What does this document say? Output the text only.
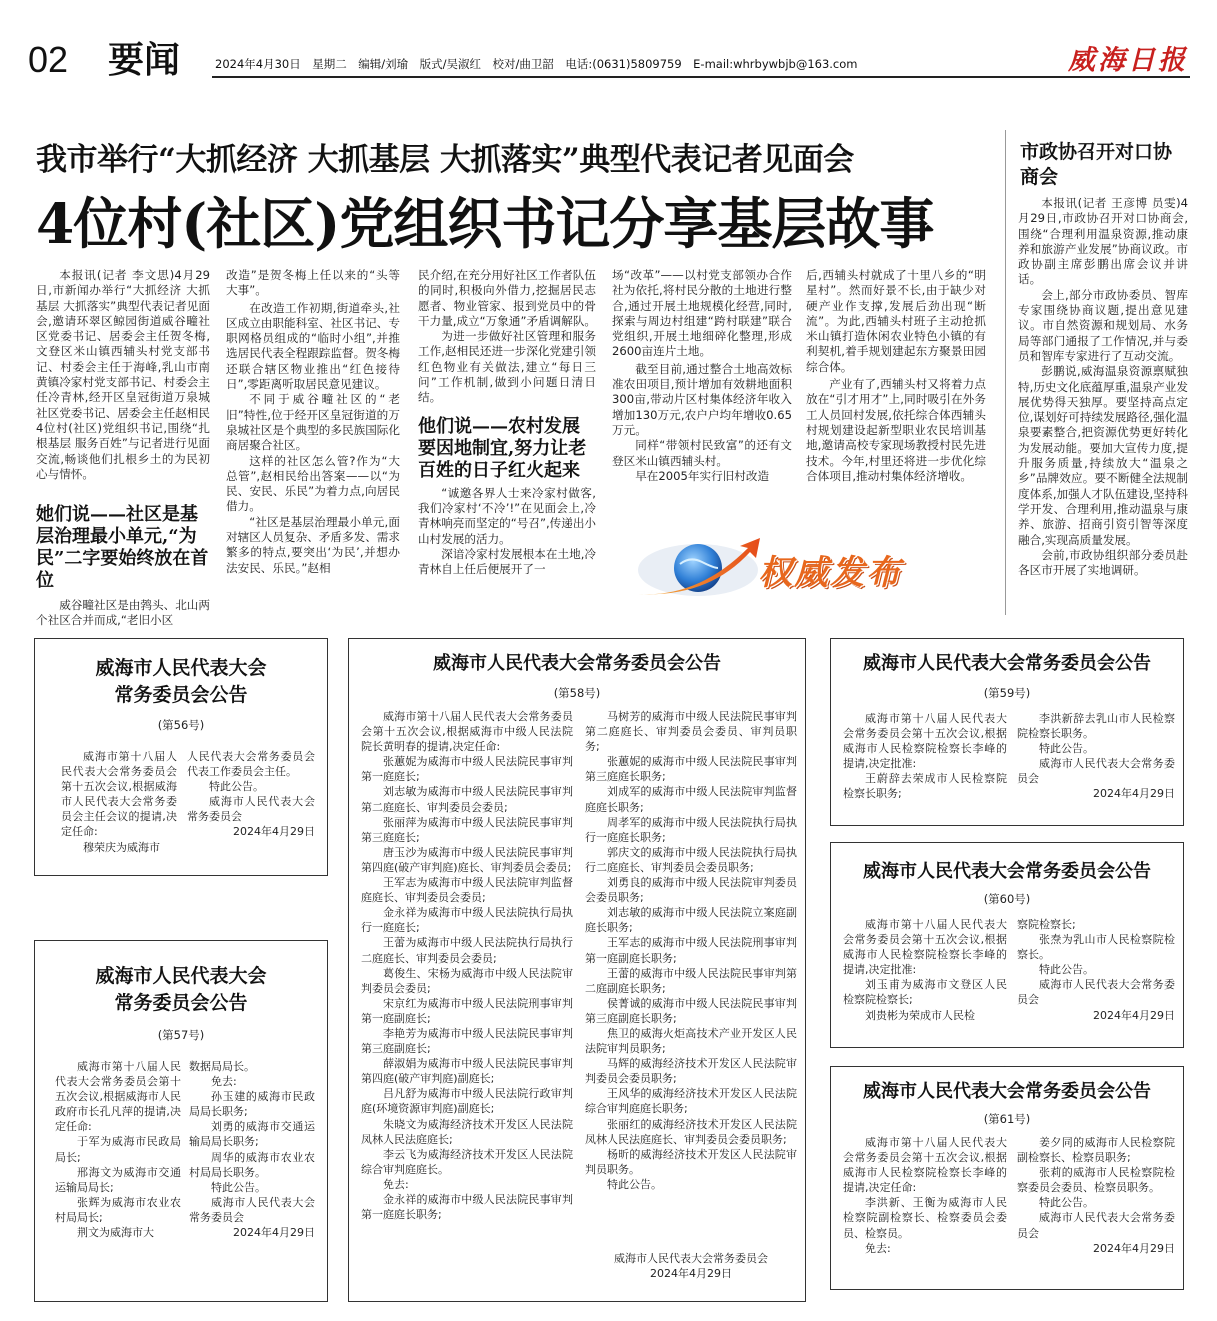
02 要闻	2024年4月30日　星期二　编辑/刘瑜　版式/吴淑红　校对/曲卫韶　电话:(0631)5809759　E-mail:whrbywbjb@163.com	威海日报
我市举行“大抓经济 大抓基层 大抓落实”典型代表记者见面会
4位村(社区)党组织书记分享基层故事

本报讯(记者 李文思)4月29日,市新闻办举行“大抓经济 大抓基层 大抓落实”典型代表记者见面会,邀请环翠区鲸园街道威谷疃社区党委书记、居委会主任贺冬梅,文登区米山镇西辅头村党支部书记、村委会主任于海峰,乳山市南黄镇冷家村党支部书记、村委会主任冷青林,经开区皇冠街道万泉城社区党委书记、居委会主任赵相民4位村(社区)党组织书记,围绕“扎根基层 服务百姓”与记者进行见面交流,畅谈他们扎根乡土的为民初心与情怀。

她们说——社区是基层治理最小单元,“为民”二字要始终放在首位

威谷疃社区是由鹁头、北山两个社区合并而成,“老旧小区

改造”是贺冬梅上任以来的“头等大事”。

在改造工作初期,街道牵头,社区成立由职能科室、社区书记、专职网格员组成的“临时小组”,并推选居民代表全程跟踪监督。贺冬梅还联合辖区物业推出“红色接待日”,零距离听取居民意见建议。

不同于威谷疃社区的“老旧”特性,位于经开区皇冠街道的万泉城社区是个典型的多民族国际化商居聚合社区。

这样的社区怎么管?作为“大总管”,赵相民给出答案——以“为民、安民、乐民”为着力点,向居民借力。

“社区是基层治理最小单元,面对辖区人员复杂、矛盾多发、需求繁多的特点,要突出‘为民’,并想办法安民、乐民。”赵相

民介绍,在充分用好社区工作者队伍的同时,积极向外借力,挖掘居民志愿者、物业管家、报到党员中的骨干力量,成立“万象通”矛盾调解队。

为进一步做好社区管理和服务工作,赵相民还进一步深化党建引领红色物业有关做法,建立“每日三问”工作机制,做到小问题日清日结。

他们说——农村发展要因地制宜,努力让老百姓的日子红火起来

“诚邀各界人士来冷家村做客,我们冷家村‘不冷’!”在见面会上,冷青林响亮而坚定的“号召”,传递出小山村发展的活力。

深谙冷家村发展根本在土地,冷青林自上任后便展开了一

场“改革”——以村党支部领办合作社为依托,将村民分散的土地进行整合,通过开展土地规模化经营,同时,探索与周边村组建“跨村联建”联合党组织,开展土地细碎化整理,形成2600亩连片土地。

截至目前,通过整合土地高效标准农田项目,预计增加有效耕地面积300亩,带动片区村集体经济年收入增加130万元,农户户均年增收0.65万元。

同样“带领村民致富”的还有文登区米山镇西辅头村。

早在2005年实行旧村改造

后,西辅头村就成了十里八乡的“明星村”。然而好景不长,由于缺少对硬产业作支撑,发展后劲出现“断流”。为此,西辅头村班子主动抢抓米山镇打造休闲农业特色小镇的有利契机,着手规划建起东方聚景田园综合体。

产业有了,西辅头村又将着力点放在“引才用才”上,同时吸引在外务工人员回村发展,依托综合体西辅头村规划建设起新型职业农民培训基地,邀请高校专家现场教授村民先进技术。今年,村里还将进一步优化综合体项目,推动村集体经济增收。

权威发布
市政协召开对口协商会

本报讯(记者 王彦博 员雯)4月29日,市政协召开对口协商会,围绕“合理利用温泉资源,推动康养和旅游产业发展”协商议政。市政协副主席彭鹏出席会议并讲话。

会上,部分市政协委员、智库专家围绕协商议题,提出意见建议。市自然资源和规划局、水务局等部门通报了工作情况,并与委员和智库专家进行了互动交流。

彭鹏说,威海温泉资源禀赋独特,历史文化底蕴厚重,温泉产业发展优势得天独厚。要坚持高点定位,谋划好可持续发展路径,强化温泉要素整合,把资源优势更好转化为发展动能。要加大宣传力度,提升服务质量,持续放大“温泉之乡”品牌效应。要不断健全法规制度体系,加强人才队伍建设,坚持科学开发、合理利用,推动温泉与康养、旅游、招商引资引智等深度融合,实现高质量发展。

会前,市政协组织部分委员赴各区市开展了实地调研。

威海市人民代表大会
常务委员会公告
(第56号)

威海市第十八届人民代表大会常务委员会第十五次会议,根据威海市人民代表大会常务委员会主任会议的提请,决定任命:

穆荣庆为威海市

人民代表大会常务委员会代表工作委员会主任。

特此公告。

威海市人民代表大会常务委员会

2024年4月29日

威海市人民代表大会
常务委员会公告
(第57号)

威海市第十八届人民代表大会常务委员会第十五次会议,根据威海市人民政府市长孔凡萍的提请,决定任命:

于军为威海市民政局局长;

邢海文为威海市交通运输局局长;

张辉为威海市农业农村局局长;

荆文为威海市大

数据局局长。

免去:

孙玉建的威海市民政局局长职务;

刘勇的威海市交通运输局局长职务;

周华的威海市农业农村局局长职务。

特此公告。

威海市人民代表大会常务委员会

2024年4月29日

威海市人民代表大会常务委员会公告
(第58号)

威海市第十八届人民代表大会常务委员会第十五次会议,根据威海市中级人民法院院长黄明春的提请,决定任命:

张蕙妮为威海市中级人民法院民事审判第一庭庭长;

刘志敏为威海市中级人民法院民事审判第二庭庭长、审判委员会委员;

张丽萍为威海市中级人民法院民事审判第三庭庭长;

唐玉沙为威海市中级人民法院民事审判第四庭(破产审判庭)庭长、审判委员会委员;

王军志为威海市中级人民法院审判监督庭庭长、审判委员会委员;

金永祥为威海市中级人民法院执行局执行一庭庭长;

王蕾为威海市中级人民法院执行局执行二庭庭长、审判委员会委员;

葛俊生、宋杨为威海市中级人民法院审判委员会委员;

宋京红为威海市中级人民法院刑事审判第一庭副庭长;

李艳芳为威海市中级人民法院民事审判第三庭副庭长;

薛淑娟为威海市中级人民法院民事审判第四庭(破产审判庭)副庭长;

吕凡舒为威海市中级人民法院行政审判庭(环境资源审判庭)副庭长;

朱晓文为威海经济技术开发区人民法院凤林人民法庭庭长;

李云飞为威海经济技术开发区人民法院综合审判庭庭长。

免去:

金永祥的威海市中级人民法院民事审判第一庭庭长职务;

马树芳的威海市中级人民法院民事审判第二庭庭长、审判委员会委员、审判员职务;

张蕙妮的威海市中级人民法院民事审判第三庭庭长职务;

刘成军的威海市中级人民法院审判监督庭庭长职务;

周孝军的威海市中级人民法院执行局执行一庭庭长职务;

郭庆文的威海市中级人民法院执行局执行二庭庭长、审判委员会委员职务;

刘勇良的威海市中级人民法院审判委员会委员职务;

刘志敏的威海市中级人民法院立案庭副庭长职务;

王军志的威海市中级人民法院刑事审判第一庭副庭长职务;

王蕾的威海市中级人民法院民事审判第二庭副庭长职务;

侯菁诚的威海市中级人民法院民事审判第三庭副庭长职务;

焦卫的威海火炬高技术产业开发区人民法院审判员职务;

马辉的威海经济技术开发区人民法院审判委员会委员职务;

王风华的威海经济技术开发区人民法院综合审判庭庭长职务;

张丽红的威海经济技术开发区人民法院凤林人民法庭庭长、审判委员会委员职务;

杨昕的威海经济技术开发区人民法院审判员职务。

特此公告。

威海市人民代表大会常务委员会

2024年4月29日

威海市人民代表大会常务委员会公告
(第59号)

威海市第十八届人民代表大会常务委员会第十五次会议,根据威海市人民检察院检察长李峰的提请,决定批准:

王蔚辞去荣成市人民检察院检察长职务;

李洪新辞去乳山市人民检察院检察长职务。

特此公告。

威海市人民代表大会常务委员会

2024年4月29日

威海市人民代表大会常务委员会公告
(第60号)

威海市第十八届人民代表大会常务委员会第十五次会议,根据威海市人民检察院检察长李峰的提请,决定批准:

刘玉甫为威海市文登区人民检察院检察长;

刘贵彬为荣成市人民检

察院检察长;

张焘为乳山市人民检察院检察长。

特此公告。

威海市人民代表大会常务委员会

2024年4月29日

威海市人民代表大会常务委员会公告
(第61号)

威海市第十八届人民代表大会常务委员会第十五次会议,根据威海市人民检察院检察长李峰的提请,决定任命:

李洪新、王衡为威海市人民检察院副检察长、检察委员会委员、检察员。

免去:

姜夕同的威海市人民检察院副检察长、检察员职务;

张莉的威海市人民检察院检察委员会委员、检察员职务。

特此公告。

威海市人民代表大会常务委员会

2024年4月29日
